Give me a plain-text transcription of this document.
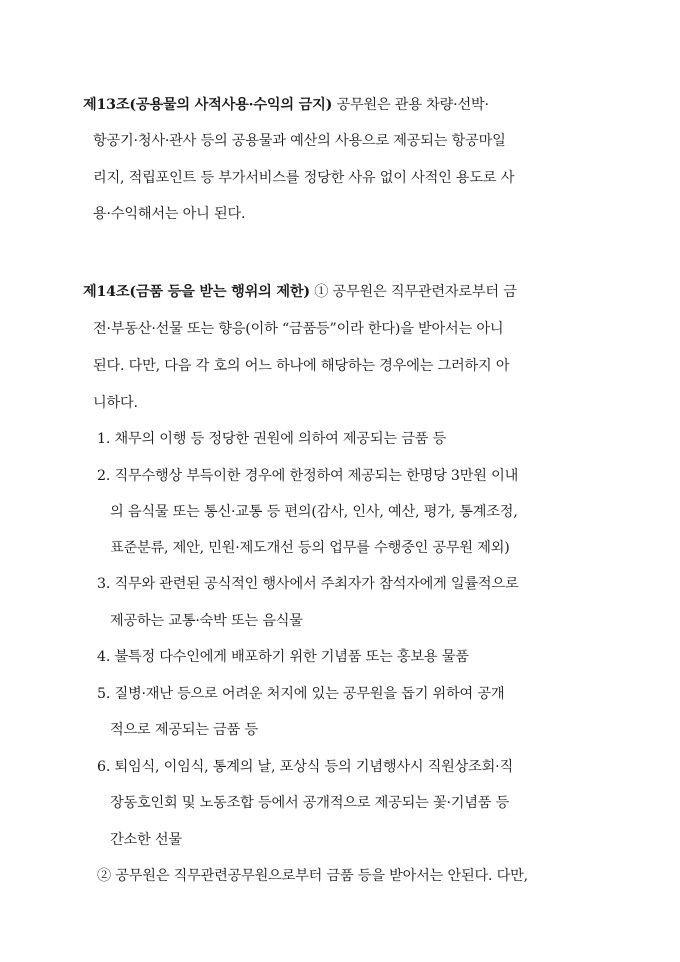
제13조(공용물의 사적사용·수익의 금지) 공무원은 관용 차량·선박·
항공기·청사·관사 등의 공용물과 예산의 사용으로 제공되는 항공마일
리지, 적립포인트 등 부가서비스를 정당한 사유 없이 사적인 용도로 사
용·수익해서는 아니 된다.
제14조(금품 등을 받는 행위의 제한) ① 공무원은 직무관련자로부터 금
전·부동산·선물 또는 향응(이하 “금품등”이라 한다)을 받아서는 아니
된다. 다만, 다음 각 호의 어느 하나에 해당하는 경우에는 그러하지 아
니하다.
1. 채무의 이행 등 정당한 권원에 의하여 제공되는 금품 등
2. 직무수행상 부득이한 경우에 한정하여 제공되는 한명당 3만원 이내
의 음식물 또는 통신·교통 등 편의(감사, 인사, 예산, 평가, 통계조정,
표준분류, 제안, 민원·제도개선 등의 업무를 수행중인 공무원 제외)
3. 직무와 관련된 공식적인 행사에서 주최자가 참석자에게 일률적으로
제공하는 교통·숙박 또는 음식물
4. 불특정 다수인에게 배포하기 위한 기념품 또는 홍보용 물품
5. 질병·재난 등으로 어려운 처지에 있는 공무원을 돕기 위하여 공개
적으로 제공되는 금품 등
6. 퇴임식, 이임식, 통계의 날, 포상식 등의 기념행사시 직원상조회·직
장동호인회 및 노동조합 등에서 공개적으로 제공되는 꽃·기념품 등
간소한 선물
② 공무원은 직무관련공무원으로부터 금품 등을 받아서는 안된다. 다만,
